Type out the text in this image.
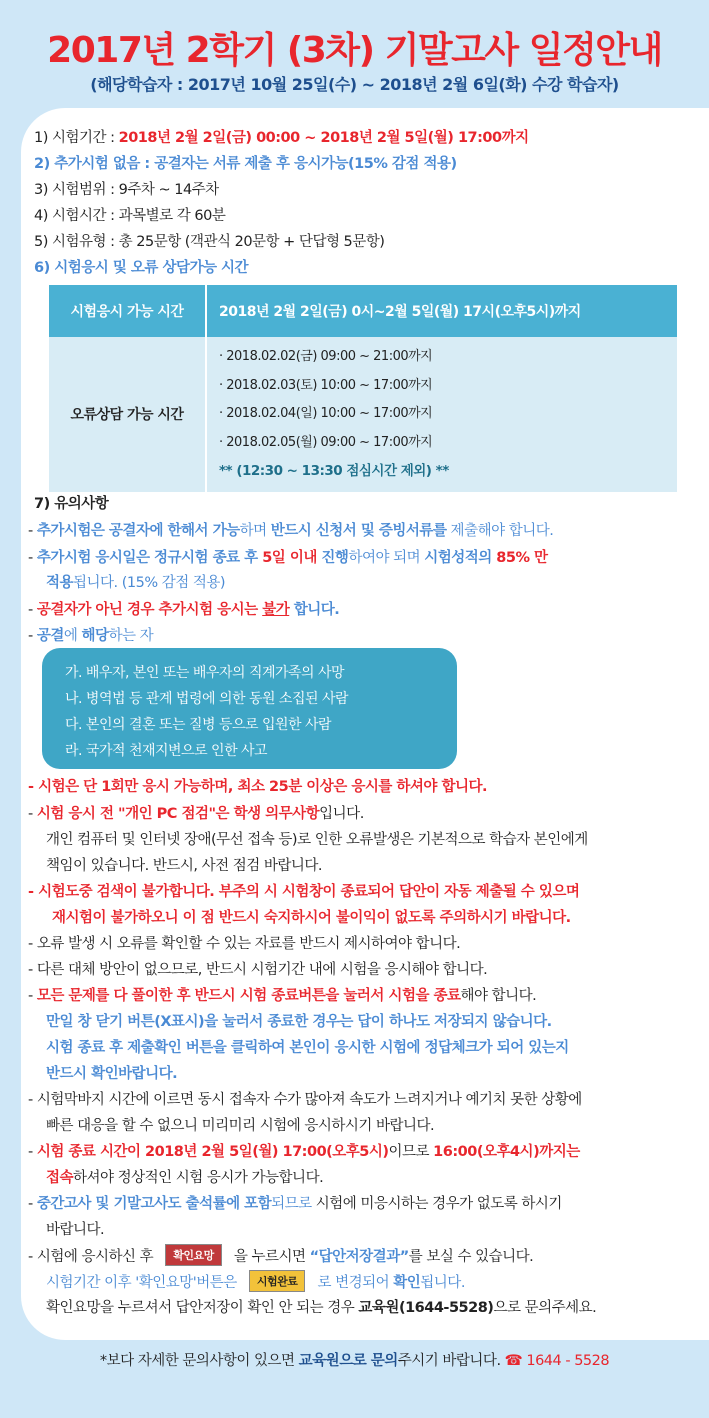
2017년 2학기 (3차) 기말고사 일정안내
(해당학습자 : 2017년 10월 25일(수) ~ 2018년 2월 6일(화) 수강 학습자)
1) 시험기간 : 2018년 2월 2일(금) 00:00 ~ 2018년 2월 5일(월) 17:00까지
2) 추가시험 없음 : 공결자는 서류 제출 후 응시가능(15% 감점 적용)
3) 시험범위 : 9주차 ~ 14주차
4) 시험시간 : 과목별로 각 60분
5) 시험유형 : 총 25문항 (객관식 20문항 + 단답형 5문항)
6) 시험응시 및 오류 상담가능 시간
시험응시 가능 시간	2018년 2월 2일(금) 0시~2월 5일(월) 17시(오후5시)까지
오류상담 가능 시간	· 2018.02.02(금) 09:00 ~ 21:00까지
· 2018.02.03(토) 10:00 ~ 17:00까지
· 2018.02.04(일) 10:00 ~ 17:00까지
· 2018.02.05(월) 09:00 ~ 17:00까지
** (12:30 ~ 13:30 점심시간 제외) **
7) 유의사항
- 추가시험은 공결자에 한해서 가능하며 반드시 신청서 및 증빙서류를 제출해야 합니다.
- 추가시험 응시일은 정규시험 종료 후 5일 이내 진행하여야 되며 시험성적의 85% 만
적용됩니다. (15% 감점 적용)
- 공결자가 아닌 경우 추가시험 응시는 불가 합니다.
- 공결에 해당하는 자
가. 배우자, 본인 또는 배우자의 직계가족의 사망
나. 병역법 등 관계 법령에 의한 동원 소집된 사람
다. 본인의 결혼 또는 질병 등으로 입원한 사람
라. 국가적 천재지변으로 인한 사고
- 시험은 단 1회만 응시 가능하며, 최소 25분 이상은 응시를 하셔야 합니다.
- 시험 응시 전 "개인 PC 점검"은 학생 의무사항입니다.
개인 컴퓨터 및 인터넷 장애(무선 접속 등)로 인한 오류발생은 기본적으로 학습자 본인에게
책임이 있습니다. 반드시, 사전 점검 바랍니다.
- 시험도중 검색이 불가합니다. 부주의 시 시험창이 종료되어 답안이 자동 제출될 수 있으며
재시험이 불가하오니 이 점 반드시 숙지하시어 불이익이 없도록 주의하시기 바랍니다.
- 오류 발생 시 오류를 확인할 수 있는 자료를 반드시 제시하여야 합니다.
- 다른 대체 방안이 없으므로, 반드시 시험기간 내에 시험을 응시해야 합니다.
- 모든 문제를 다 풀이한 후 반드시 시험 종료버튼을 눌러서 시험을 종료해야 합니다.
만일 창 닫기 버튼(X표시)을 눌러서 종료한 경우는 답이 하나도 저장되지 않습니다.
시험 종료 후 제출확인 버튼을 클릭하여 본인이 응시한 시험에 정답체크가 되어 있는지
반드시 확인바랍니다.
- 시험막바지 시간에 이르면 동시 접속자 수가 많아져 속도가 느려지거나 예기치 못한 상황에
빠른 대응을 할 수 없으니 미리미리 시험에 응시하시기 바랍니다.
- 시험 종료 시간이 2018년 2월 5일(월) 17:00(오후5시)이므로 16:00(오후4시)까지는
접속하셔야 정상적인 시험 응시가 가능합니다.
- 중간고사 및 기말고사도 출석률에 포함되므로 시험에 미응시하는 경우가 없도록 하시기
바랍니다.
- 시험에 응시하신 후 확인요망 을 누르시면 “답안저장결과”를 보실 수 있습니다.
시험기간 이후 '확인요망'버튼은 시험완료 로 변경되어 확인됩니다.
확인요망을 누르셔서 답안저장이 확인 안 되는 경우 교육원(1644-5528)으로 문의주세요.
*보다 자세한 문의사항이 있으면 교육원으로 문의주시기 바랍니다. ☎ 1644 - 5528
